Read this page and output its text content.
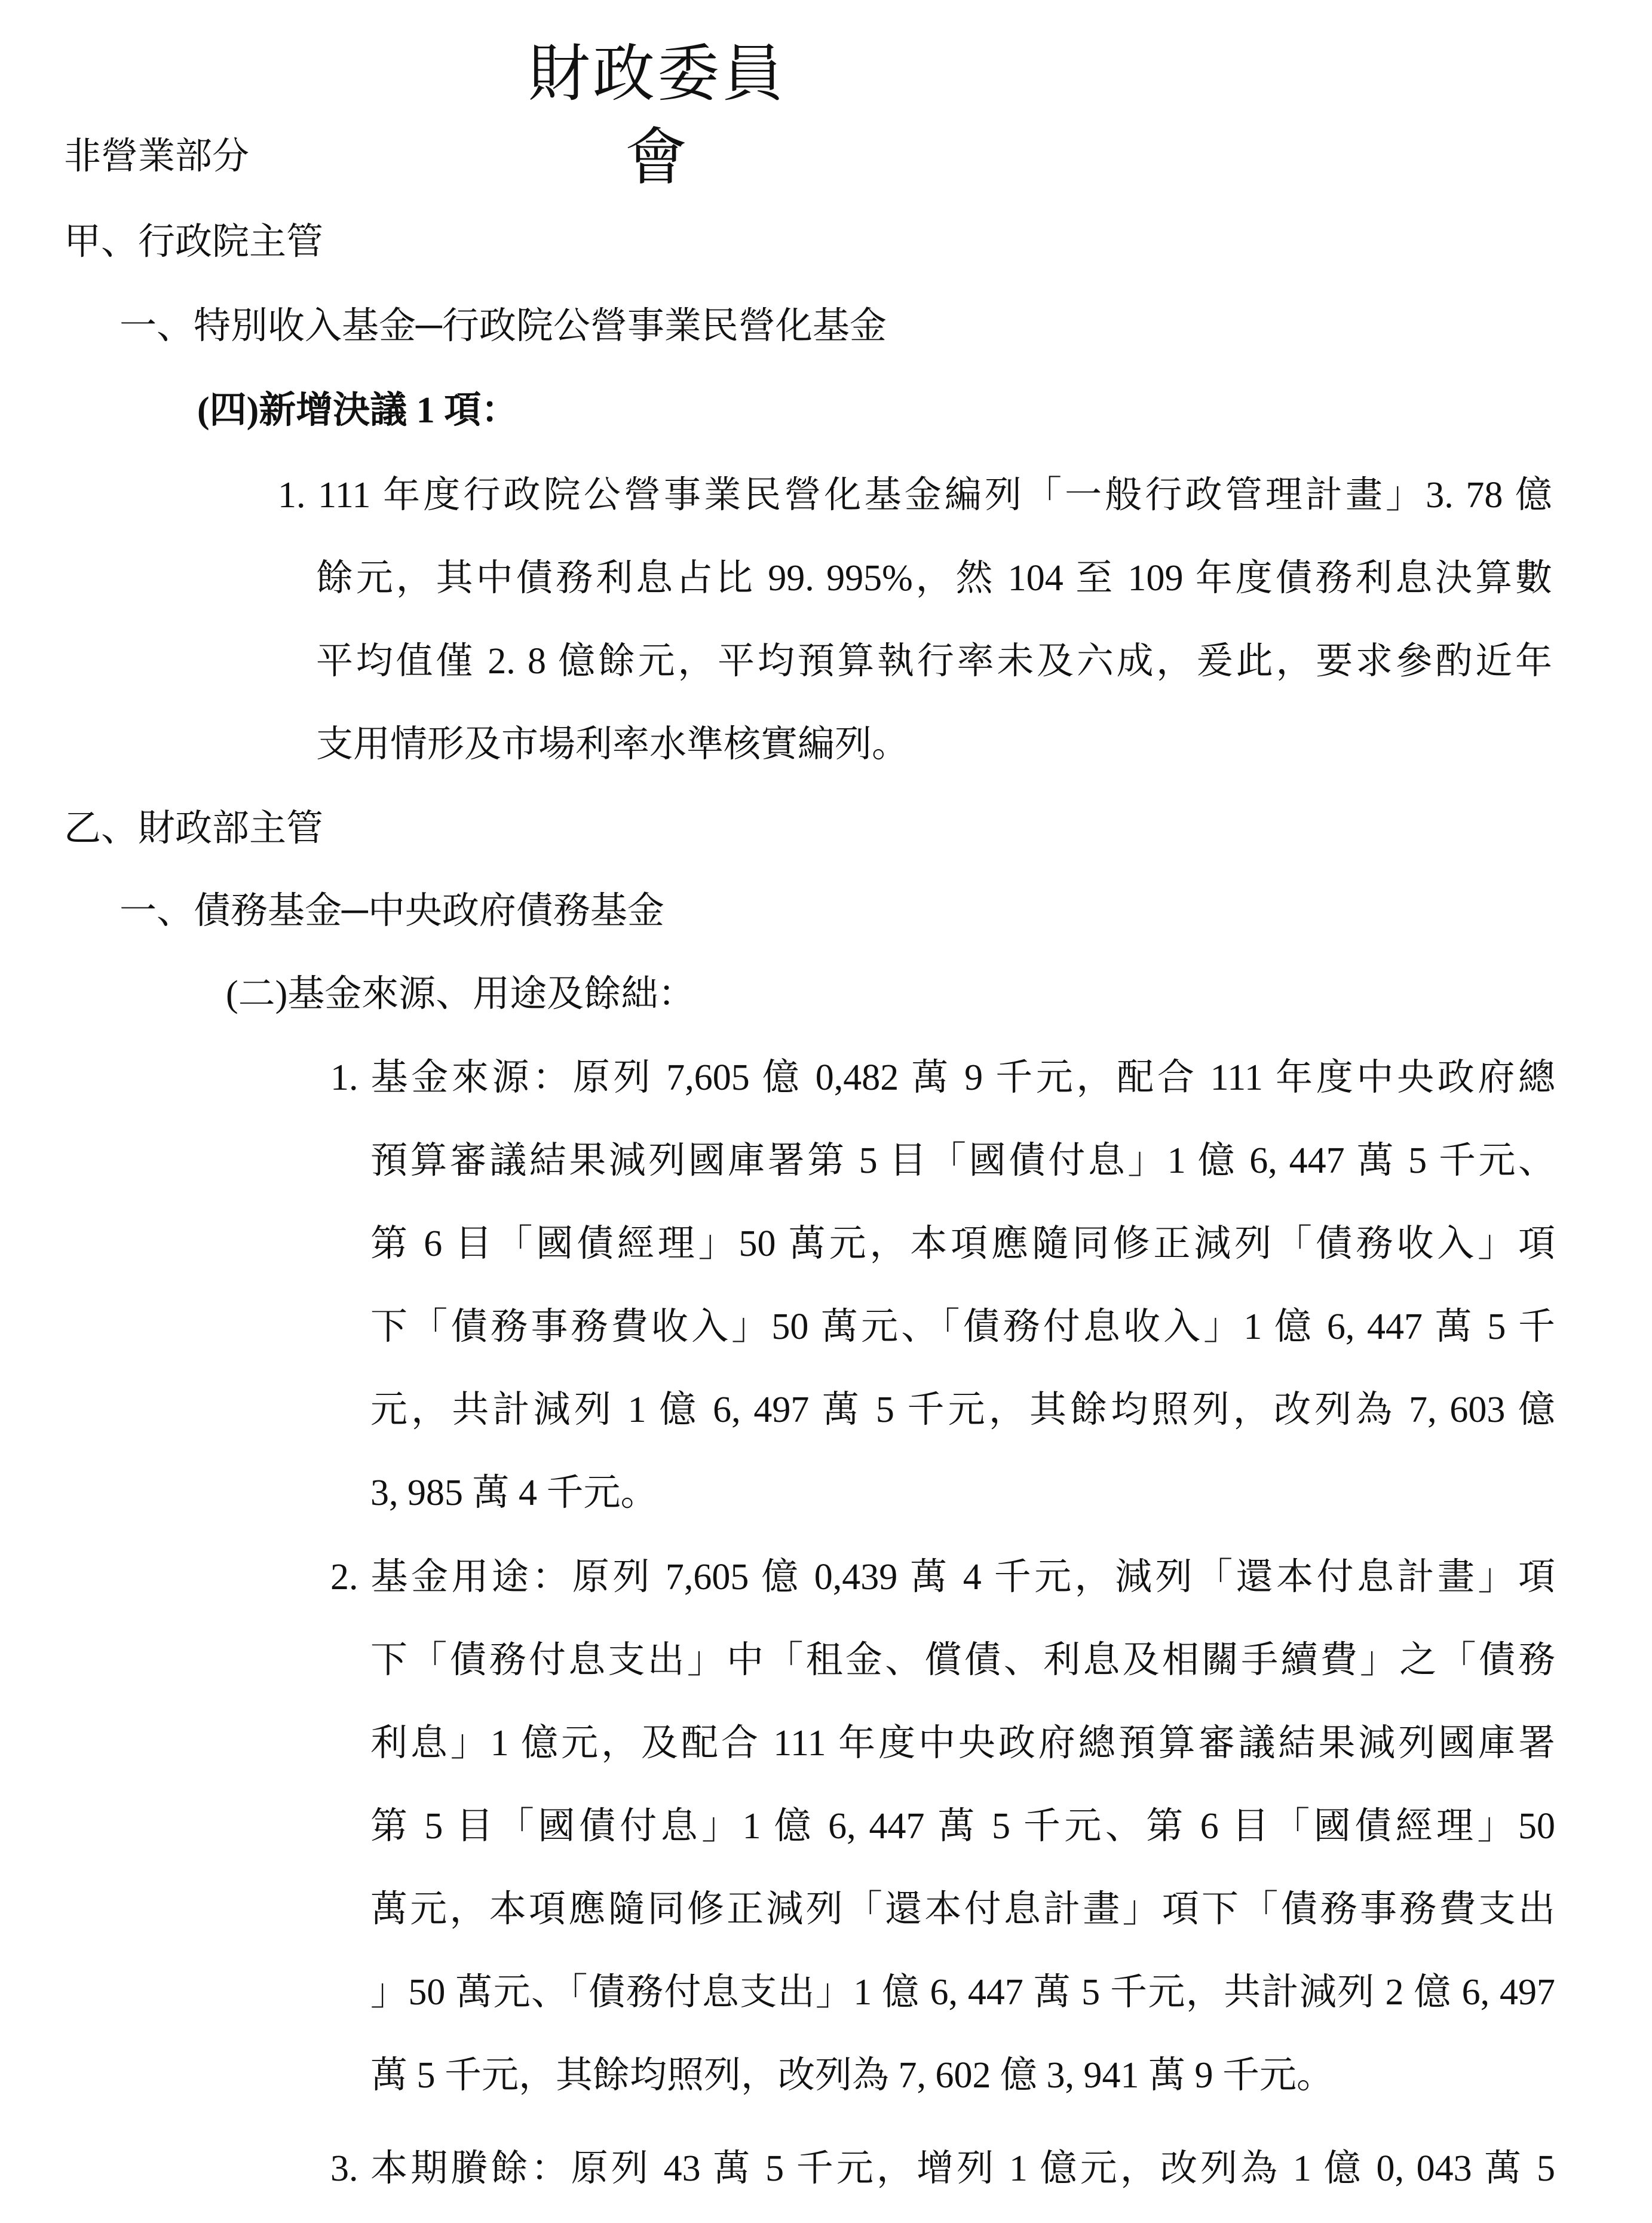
財政委員會
非營業部分
甲、行政院主管
一、特別收入基金─行政院公營事業民營化基金
(四)新增決議 1 項：
1. 111 年度行政院公營事業民營化基金編列「一般行政管理計畫」3. 78 億
餘元，其中債務利息占比 99. 995%，然 104 至 109 年度債務利息決算數
平均值僅 2. 8 億餘元，平均預算執行率未及六成，爰此，要求參酌近年
支用情形及市場利率水準核實編列。
乙、財政部主管
一、債務基金─中央政府債務基金
(二)基金來源、用途及餘絀：
1. 基金來源：原列 7,605 億 0,482 萬 9 千元，配合 111 年度中央政府總
預算審議結果減列國庫署第 5 目「國債付息」1 億 6, 447 萬 5 千元、
第 6 目「國債經理」50 萬元，本項應隨同修正減列「債務收入」項
下「債務事務費收入」50 萬元、「債務付息收入」1 億 6, 447 萬 5 千
元，共計減列 1 億 6, 497 萬 5 千元，其餘均照列，改列為 7, 603 億
3, 985 萬 4 千元。
2. 基金用途：原列 7,605 億 0,439 萬 4 千元，減列「還本付息計畫」項
下「債務付息支出」中「租金、償債、利息及相關手續費」之「債務
利息」1 億元，及配合 111 年度中央政府總預算審議結果減列國庫署
第 5 目「國債付息」1 億 6, 447 萬 5 千元、第 6 目「國債經理」50
萬元，本項應隨同修正減列「還本付息計畫」項下「債務事務費支出
」50 萬元、「債務付息支出」1 億 6, 447 萬 5 千元，共計減列 2 億 6, 497
萬 5 千元，其餘均照列，改列為 7, 602 億 3, 941 萬 9 千元。
3. 本期賸餘：原列 43 萬 5 千元，增列 1 億元，改列為 1 億 0, 043 萬 5
